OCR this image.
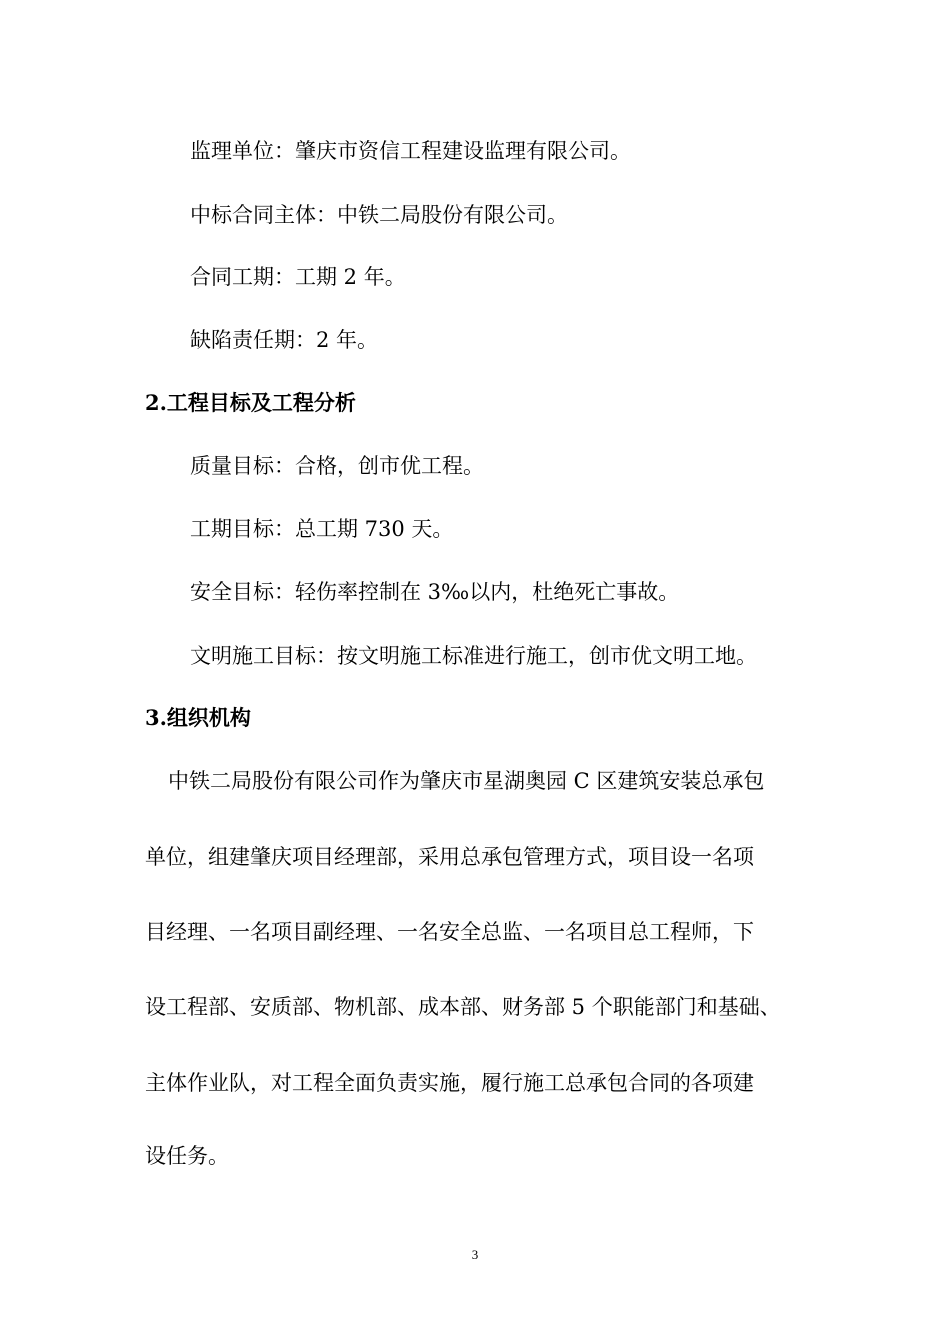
监理单位：肇庆市资信工程建设监理有限公司。

中标合同主体：中铁二局股份有限公司。

合同工期：工期 2 年。

缺陷责任期：2 年。

2.工程目标及工程分析

质量目标：合格，创市优工程。

工期目标：总工期 730 天。

安全目标：轻伤率控制在 3‰以内，杜绝死亡事故。

文明施工目标：按文明施工标准进行施工，创市优文明工地。

3.组织机构

中铁二局股份有限公司作为肇庆市星湖奥园 C 区建筑安装总承包

单位，组建肇庆项目经理部，采用总承包管理方式，项目设一名项

目经理、一名项目副经理、一名安全总监、一名项目总工程师，下

设工程部、安质部、物机部、成本部、财务部 5 个职能部门和基础、

主体作业队，对工程全面负责实施，履行施工总承包合同的各项建

设任务。

3
